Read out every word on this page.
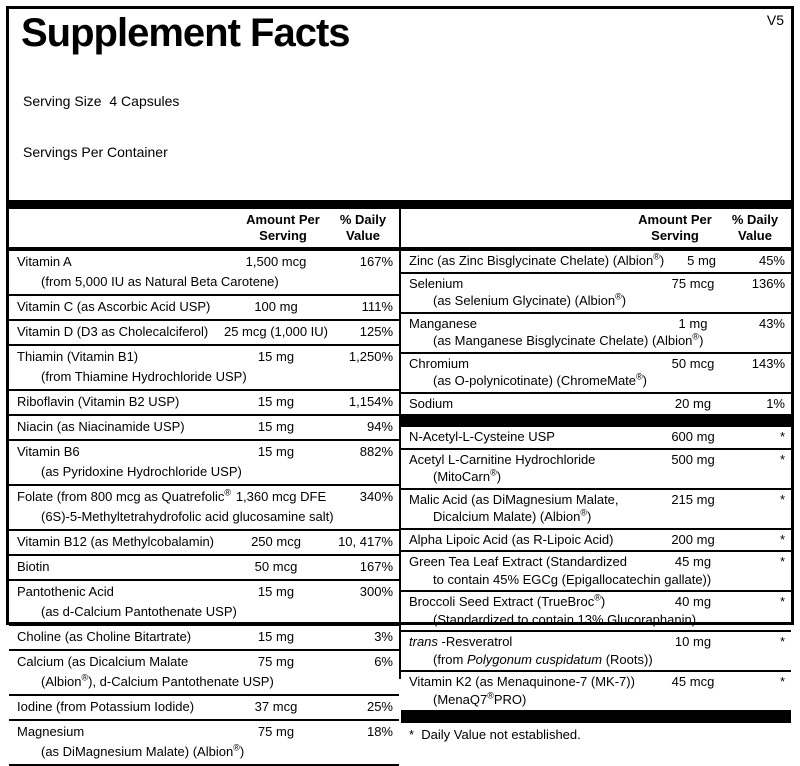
V5
Supplement Facts

Serving Size  4 Capsules

Servings Per Container

Amount Per Serving
% Daily Value
Vitamin A	1,500 mcg	167%
(from 5,000 IU as Natural Beta Carotene)
Vitamin C (as Ascorbic Acid USP)	100 mg	111%
Vitamin D (D3 as Cholecalciferol)	25 mcg (1,000 IU)	125%
Thiamin (Vitamin B1)	15 mg	1,250%
(from Thiamine Hydrochloride USP)
Riboflavin (Vitamin B2 USP)	15 mg	1,154%
Niacin (as Niacinamide USP)	15 mg	94%
Vitamin B6	15 mg	882%
(as Pyridoxine Hydrochloride USP)
Folate (from 800 mcg as Quatrefolic® 1,360 mcg DFE	340%
(6S)-5-Methyltetrahydrofolic acid glucosamine salt)
Vitamin B12 (as Methylcobalamin)	250 mcg	10, 417%
Biotin	50 mcg	167%
Pantothenic Acid	15 mg	300%
(as d-Calcium Pantothenate USP)
Choline (as Choline Bitartrate)	15 mg	3%
Calcium (as Dicalcium Malate	75 mg	6%
(Albion®), d-Calcium Pantothenate USP)
Iodine (from Potassium Iodide)	37 mcg	25%
Magnesium	75 mg	18%
(as DiMagnesium Malate) (Albion®)
Amount Per Serving
% Daily Value
Zinc (as Zinc Bisglycinate Chelate) (Albion®)	5 mg	45%
Selenium	75 mcg	136%
(as Selenium Glycinate) (Albion®)
Manganese	1 mg	43%
(as Manganese Bisglycinate Chelate) (Albion®)
Chromium	50 mcg	143%
(as O-polynicotinate) (ChromeMate®)
Sodium	20 mg	1%
N-Acetyl-L-Cysteine USP	600 mg	*
Acetyl L-Carnitine Hydrochloride	500 mg	*
(MitoCarn®)
Malic Acid (as DiMagnesium Malate,	215 mg	*
Dicalcium Malate) (Albion®)
Alpha Lipoic Acid (as R-Lipoic Acid)	200 mg	*
Green Tea Leaf Extract (Standardized	45 mg	*
to contain 45% EGCg (Epigallocatechin gallate))
Broccoli Seed Extract (TrueBroc®)	40 mg	*
(Standardized to contain 13% Glucoraphanin)
trans -Resveratrol	10 mg	*
(from Polygonum cuspidatum (Roots))
Vitamin K2 (as Menaquinone-7 (MK-7))	45 mcg	*
(MenaQ7®PRO)
*  Daily Value not established.
